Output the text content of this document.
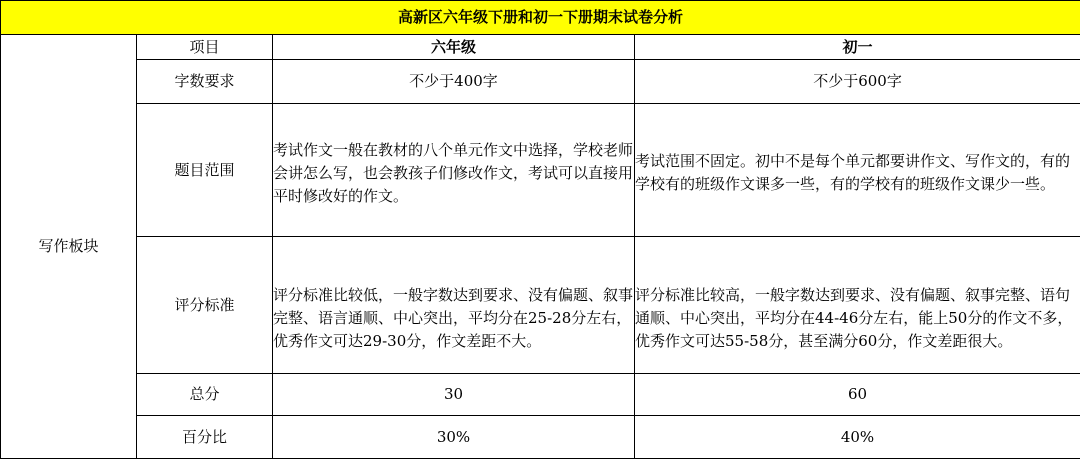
高新区六年级下册和初一下册期末试卷分析			
写作板块	项目	六年级	初一
	字数要求	不少于400字	不少于600字
	题目范围	考试作文一般在教材的八个单元作文中选择，学校老师会讲怎么写，也会教孩子们修改作文，考试可以直接用平时修改好的作文。	考试范围不固定。初中不是每个单元都要讲作文、写作文的，有的学校有的班级作文课多一些，有的学校有的班级作文课少一些。
	评分标准	评分标准比较低，一般字数达到要求、没有偏题、叙事完整、语言通顺、中心突出，平均分在25-28分左右，优秀作文可达29-30分，作文差距不大。	评分标准比较高，一般字数达到要求、没有偏题、叙事完整、语句通顺、中心突出，平均分在44-46分左右，能上50分的作文不多，优秀作文可达55-58分，甚至满分60分，作文差距很大。
	总分	30	60
	百分比	30%	40%
